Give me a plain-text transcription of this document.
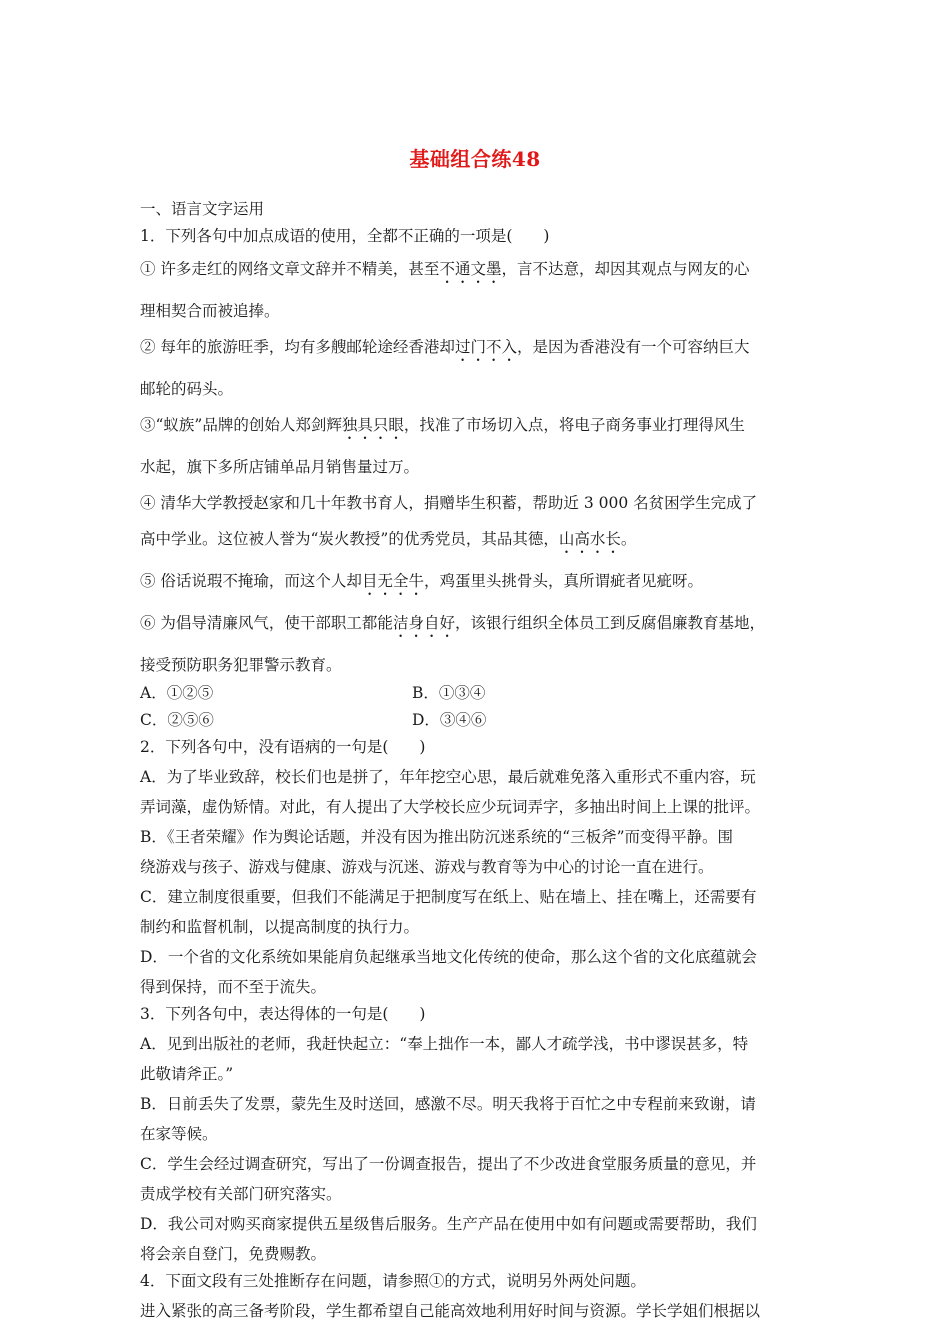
基础组合练48
一、语言文字运用
1．下列各句中加点成语的使用，全都不正确的一项是(　　)
① 许多走红的网络文章文辞并不精美，甚至不通文墨，言不达意，却因其观点与网友的心
理相契合而被追捧。
② 每年的旅游旺季，均有多艘邮轮途经香港却过门不入，是因为香港没有一个可容纳巨大
邮轮的码头。
③“蚁族”品牌的创始人郑剑辉独具只眼，找准了市场切入点，将电子商务事业打理得风生
水起，旗下多所店铺单品月销售量过万。
④ 清华大学教授赵家和几十年教书育人，捐赠毕生积蓄，帮助近 3 000 名贫困学生完成了
高中学业。这位被人誉为“炭火教授”的优秀党员，其品其德，山高水长。
⑤ 俗话说瑕不掩瑜，而这个人却目无全牛，鸡蛋里头挑骨头，真所谓疵者见疵呀。
⑥ 为倡导清廉风气，使干部职工都能洁身自好，该银行组织全体员工到反腐倡廉教育基地，
接受预防职务犯罪警示教育。
A．①②⑤	B．①③④
C．②⑤⑥	D．③④⑥
2．下列各句中，没有语病的一句是(　　)
A．为了毕业致辞，校长们也是拼了，年年挖空心思，最后就难免落入重形式不重内容，玩
弄词藻，虚伪矫情。对此，有人提出了大学校长应少玩词弄字，多抽出时间上上课的批评。
B．《王者荣耀》作为舆论话题，并没有因为推出防沉迷系统的“三板斧”而变得平静。围
绕游戏与孩子、游戏与健康、游戏与沉迷、游戏与教育等为中心的讨论一直在进行。
C．建立制度很重要，但我们不能满足于把制度写在纸上、贴在墙上、挂在嘴上，还需要有
制约和监督机制，以提高制度的执行力。
D．一个省的文化系统如果能肩负起继承当地文化传统的使命，那么这个省的文化底蕴就会
得到保持，而不至于流失。
3．下列各句中，表达得体的一句是(　　)
A．见到出版社的老师，我赶快起立：“奉上拙作一本，鄙人才疏学浅，书中谬误甚多，特
此敬请斧正。”
B．日前丢失了发票，蒙先生及时送回，感激不尽。明天我将于百忙之中专程前来致谢，请
在家等候。
C．学生会经过调查研究，写出了一份调查报告，提出了不少改进食堂服务质量的意见，并
责成学校有关部门研究落实。
D．我公司对购买商家提供五星级售后服务。生产产品在使用中如有问题或需要帮助，我们
将会亲自登门，免费赐教。
4．下面文段有三处推断存在问题，请参照①的方式，说明另外两处问题。
进入紧张的高三备考阶段，学生都希望自己能高效地利用好时间与资源。学长学姐们根据以
